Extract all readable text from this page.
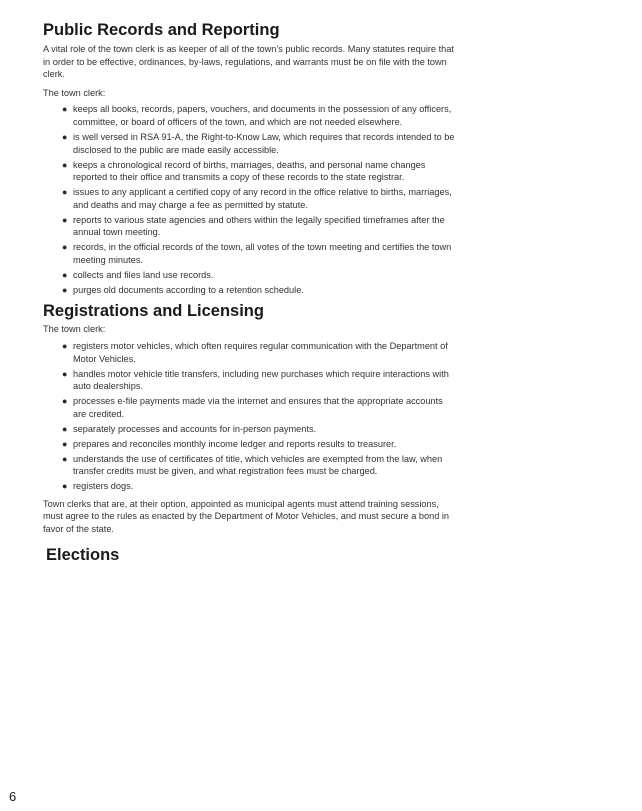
Public Records and Reporting

A vital role of the town clerk is as keeper of all of the town’s public records. Many statutes require that in order to be effective, ordinances, by-laws, regulations, and warrants must be on file with the town clerk.

The town clerk:

● keeps all books, records, papers, vouchers, and documents in the possession of any officers, committee, or board of officers of the town, and which are not needed elsewhere.
● is well versed in RSA 91-A, the Right-to-Know Law, which requires that records intended to be disclosed to the public are made easily accessible.
● keeps a chronological record of births, marriages, deaths, and personal name changes reported to their office and transmits a copy of these records to the state registrar.
● issues to any applicant a certified copy of any record in the office relative to births, marriages, and deaths and may charge a fee as permitted by statute.
● reports to various state agencies and others within the legally specified timeframes after the annual town meeting.
● records, in the official records of the town, all votes of the town meeting and certifies the town meeting minutes.
● collects and files land use records.
● purges old documents according to a retention schedule.
Registrations and Licensing

The town clerk:

● registers motor vehicles, which often requires regular communication with the Department of Motor Vehicles.
● handles motor vehicle title transfers, including new purchases which require interactions with auto dealerships.
● processes e-file payments made via the internet and ensures that the appropriate accounts are credited.
● separately processes and accounts for in-person payments.
● prepares and reconciles monthly income ledger and reports results to treasurer.
● understands the use of certificates of title, which vehicles are exempted from the law, when transfer credits must be given, and what registration fees must be charged.
● registers dogs.

Town clerks that are, at their option, appointed as municipal agents must attend training sessions, must agree to the rules as enacted by the Department of Motor Vehicles, and must secure a bond in favor of the state.

Elections
6
